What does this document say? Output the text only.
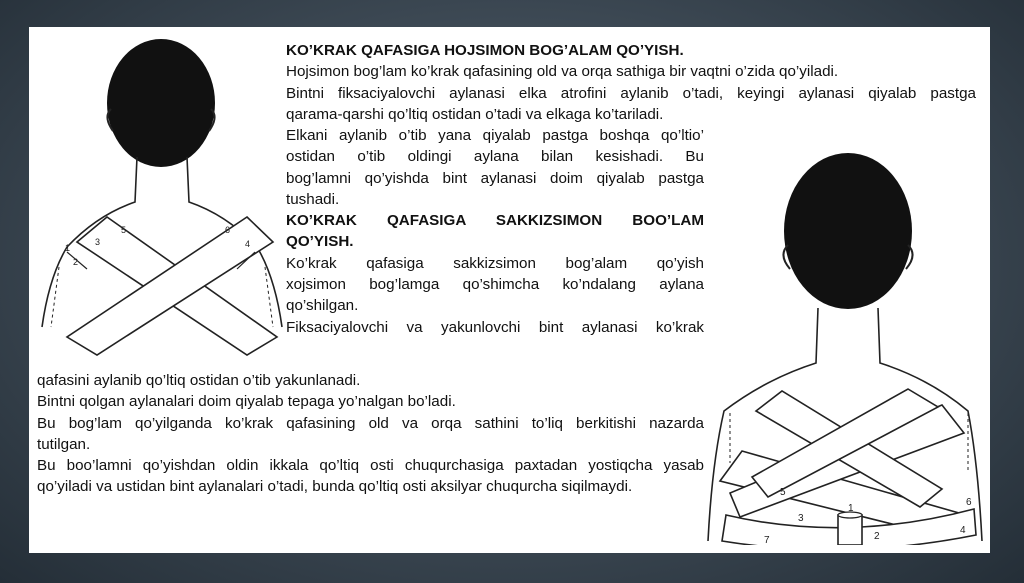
1
2
3	4
5	6
1
2
3
4
5
6
7
KO’KRAK QAFASIGA HOJSIMON BOG’ALAM QO’YISH.
Hojsimon bog’lam ko’krak qafasining old va orqa sathiga bir vaqtni o’zida qo’yiladi.
Bintni fiksaciyalovchi aylanasi elka atrofini aylanib o’tadi, keyingi aylanasi qiyalab pastga
qarama-qarshi qo’ltiq ostidan o’tadi va elkaga ko’tariladi.
Elkani aylanib o’tib yana qiyalab pastga boshqa qo’ltio’
ostidan o’tib oldingi aylana bilan kesishadi. Bu
bog’lamni qo’yishda bint aylanasi doim qiyalab pastga
tushadi.
KO’KRAK QAFASIGA SAKKIZSIMON BOO’LAM
QO’YISH.
Ko’krak qafasiga sakkizsimon bog’alam qo’yish
xojsimon bog’lamga qo’shimcha ko’ndalang aylana
qo’shilgan.
Fiksaciyalovchi va yakunlovchi bint aylanasi ko’krak
qafasini aylanib qo’ltiq ostidan o’tib yakunlanadi.
Bintni qolgan aylanalari doim qiyalab tepaga yo’nalgan bo’ladi.
Bu bog’lam qo’yilganda ko’krak qafasining old va orqa sathini to’liq berkitishi nazarda
tutilgan.
Bu boo’lamni qo’yishdan oldin ikkala qo’ltiq osti chuqurchasiga paxtadan yostiqcha yasab
qo’yiladi va ustidan bint aylanalari o’tadi, bunda qo’ltiq osti aksilyar chuqurcha siqilmaydi.
